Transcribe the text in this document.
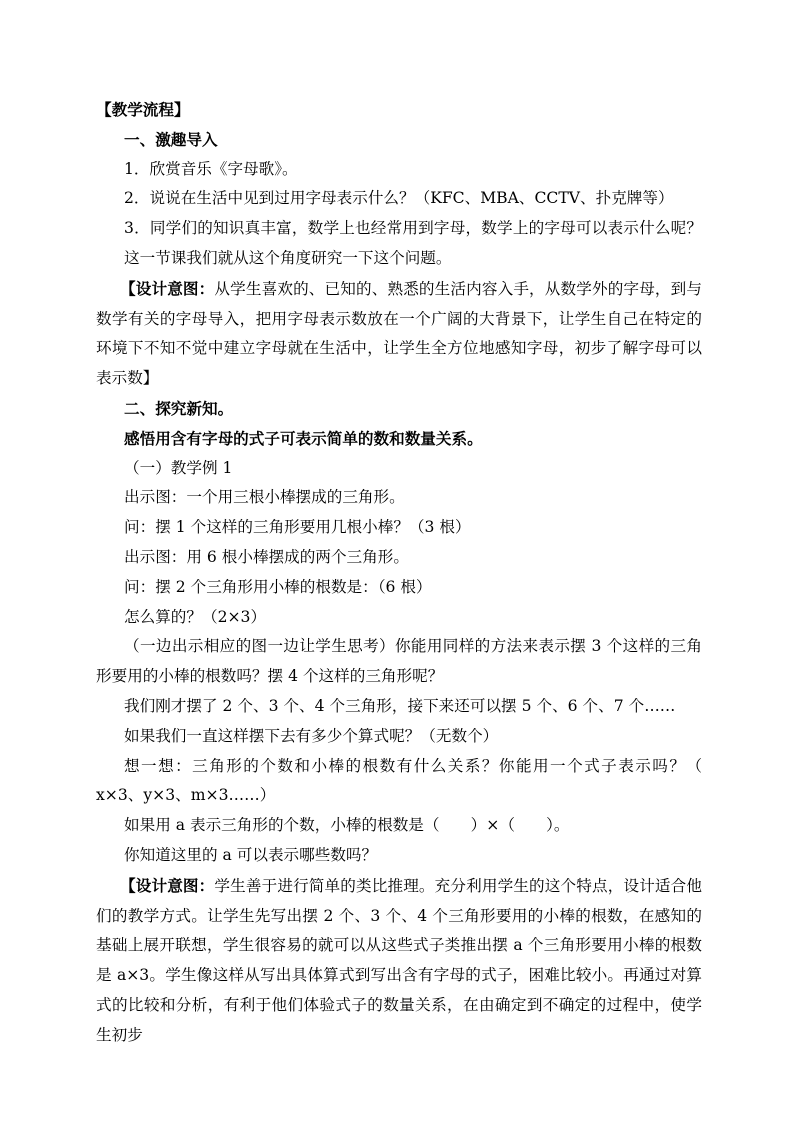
【教学流程】
一、激趣导入
1．欣赏音乐《字母歌》。
2．说说在生活中见到过用字母表示什么？（KFC、MBA、CCTV、扑克牌等）
3．同学们的知识真丰富，数学上也经常用到字母，数学上的字母可以表示什么呢？这一节课我们就从这个角度研究一下这个问题。
【设计意图：从学生喜欢的、已知的、熟悉的生活内容入手，从数学外的字母，到与数学有关的字母导入，把用字母表示数放在一个广阔的大背景下，让学生自己在特定的环境下不知不觉中建立字母就在生活中，让学生全方位地感知字母，初步了解字母可以表示数】
二、探究新知。
感悟用含有字母的式子可表示简单的数和数量关系。
（一）教学例 1
出示图：一个用三根小棒摆成的三角形。
问：摆 1 个这样的三角形要用几根小棒？（3 根）
出示图：用 6 根小棒摆成的两个三角形。
问：摆 2 个三角形用小棒的根数是：（6 根）
怎么算的？（2×3）
（一边出示相应的图一边让学生思考）你能用同样的方法来表示摆 3 个这样的三角形要用的小棒的根数吗？摆 4 个这样的三角形呢？
我们刚才摆了 2 个、3 个、4 个三角形，接下来还可以摆 5 个、6 个、7 个……
如果我们一直这样摆下去有多少个算式呢？（无数个）
想一想：三角形的个数和小棒的根数有什么关系？你能用一个式子表示吗？（ x×3、y×3、m×3……）
如果用 a 表示三角形的个数，小棒的根数是（　　）×（　　）。
你知道这里的 a 可以表示哪些数吗？
【设计意图：学生善于进行简单的类比推理。充分利用学生的这个特点，设计适合他们的教学方式。让学生先写出摆 2 个、3 个、4 个三角形要用的小棒的根数，在感知的基础上展开联想，学生很容易的就可以从这些式子类推出摆 a 个三角形要用小棒的根数是 a×3。学生像这样从写出具体算式到写出含有字母的式子，困难比较小。再通过对算式的比较和分析，有利于他们体验式子的数量关系，在由确定到不确定的过程中，使学生初步
